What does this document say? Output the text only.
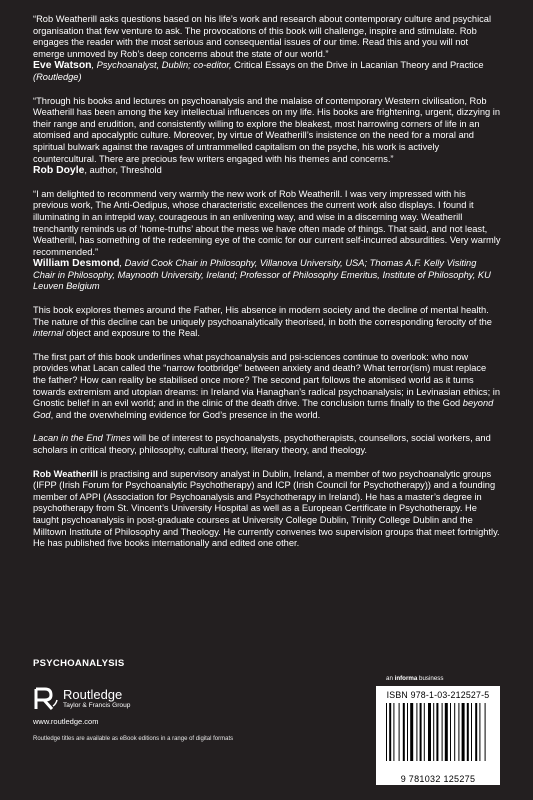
“Rob Weatherill asks questions based on his life’s work and research about contemporary culture and psychical organisation that few venture to ask. The provocations of this book will challenge, inspire and stimulate. Rob engages the reader with the most serious and consequential issues of our time. Read this and you will not emerge unmoved by Rob’s deep concerns about the state of our world.”

Eve Watson, Psychoanalyst, Dublin; co-editor, Critical Essays on the Drive in Lacanian Theory and Practice (Routledge)

“Through his books and lectures on psychoanalysis and the malaise of contemporary Western civilisation, Rob Weatherill has been among the key intellectual influences on my life. His books are frightening, urgent, dizzying in their range and erudition, and consistently willing to explore the bleakest, most harrowing corners of life in an atomised and apocalyptic culture. Moreover, by virtue of Weatherill’s insistence on the need for a moral and spiritual bulwark against the ravages of untrammelled capitalism on the psyche, his work is actively countercultural. There are precious few writers engaged with his themes and concerns.”

Rob Doyle, author, Threshold

“I am delighted to recommend very warmly the new work of Rob Weatherill. I was very impressed with his previous work, The Anti-Oedipus, whose characteristic excellences the current work also displays. I found it illuminating in an intrepid way, courageous in an enlivening way, and wise in a discerning way. Weatherill trenchantly reminds us of ‘home-truths’ about the mess we have often made of things. That said, and not least, Weatherill, has something of the redeeming eye of the comic for our current self-incurred absurdities. Very warmly recommended.”

William Desmond, David Cook Chair in Philosophy, Villanova University, USA; Thomas A.F. Kelly Visiting Chair in Philosophy, Maynooth University, Ireland; Professor of Philosophy Emeritus, Institute of Philosophy, KU Leuven Belgium

This book explores themes around the Father, His absence in modern society and the decline of mental health. The nature of this decline can be uniquely psychoanalytically theorised, in both the corresponding ferocity of the internal object and exposure to the Real.

The first part of this book underlines what psychoanalysis and psi-sciences continue to overlook: who now provides what Lacan called the “narrow footbridge” between anxiety and death? What terror(ism) must replace the father? How can reality be stabilised once more? The second part follows the atomised world as it turns towards extremism and utopian dreams: in Ireland via Hanaghan’s radical psychoanalysis; in Levinasian ethics; in Gnostic belief in an evil world; and in the clinic of the death drive. The conclusion turns finally to the God beyond God, and the overwhelming evidence for God’s presence in the world.

Lacan in the End Times will be of interest to psychoanalysts, psychotherapists, counsellors, social workers, and scholars in critical theory, philosophy, cultural theory, literary theory, and theology.

Rob Weatherill is practising and supervisory analyst in Dublin, Ireland, a member of two psychoanalytic groups (IFPP (Irish Forum for Psychoanalytic Psychotherapy) and ICP (Irish Council for Psychotherapy)) and a founding member of APPI (Association for Psychoanalysis and Psychotherapy in Ireland). He has a master’s degree in psychotherapy from St. Vincent’s University Hospital as well as a European Certificate in Psychotherapy. He taught psychoanalysis in post-graduate courses at University College Dublin, Trinity College Dublin and the Milltown Institute of Philosophy and Theology. He currently convenes two supervision groups that meet fortnightly. He has published five books internationally and edited one other.

PSYCHOANALYSIS
Routledge
Taylor & Francis Group
www.routledge.com
Routledge titles are available as eBook editions in a range of digital formats
an informa business
ISBN 978-1-03-212527-5
9 781032 125275
